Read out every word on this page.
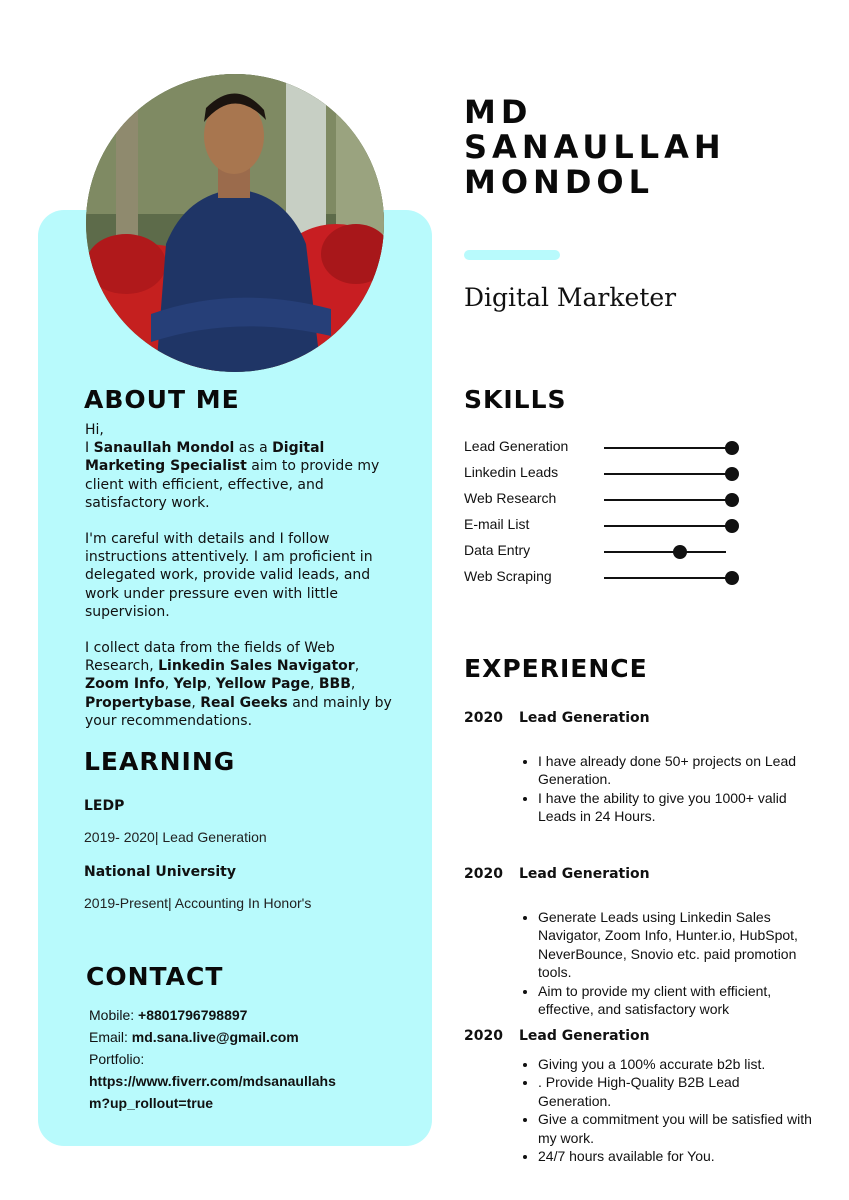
ABOUT ME

Hi,

I Sanaullah Mondol as a Digital Marketing Specialist aim to provide my client with efficient, effective, and satisfactory work.

I'm careful with details and I follow instructions attentively. I am proficient in delegated work, provide valid leads, and work under pressure even with little supervision.

I collect data from the fields of Web Research, Linkedin Sales Navigator, Zoom Info, Yelp, Yellow Page, BBB, Propertybase, Real Geeks and mainly by your recommendations.

LEARNING
LEDP
2019- 2020| Lead Generation
National University
2019-Present| Accounting In Honor's
CONTACT
Mobile: +8801796798897
Email: md.sana.live@gmail.com
Portfolio:
https://www.fiverr.com/mdsanaullahs
m?up_rollout=true
MD
SANAULLAH
MONDOL
Digital Marketer
SKILLS
Lead Generation
Linkedin Leads
Web Research
E-mail List
Data Entry
Web Scraping
EXPERIENCE
2020 Lead Generation
• I have already done 50+ projects on Lead Generation.
• I have the ability to give you 1000+ valid Leads in 24 Hours.
2020 Lead Generation
• Generate Leads using Linkedin Sales Navigator, Zoom Info, Hunter.io, HubSpot, NeverBounce, Snovio etc. paid promotion tools.
• Aim to provide my client with efficient, effective, and satisfactory work
2020 Lead Generation
• Giving you a 100% accurate b2b list.
• . Provide High-Quality B2B Lead Generation.
• Give a commitment you will be satisfied with my work.
• 24/7 hours available for You.
